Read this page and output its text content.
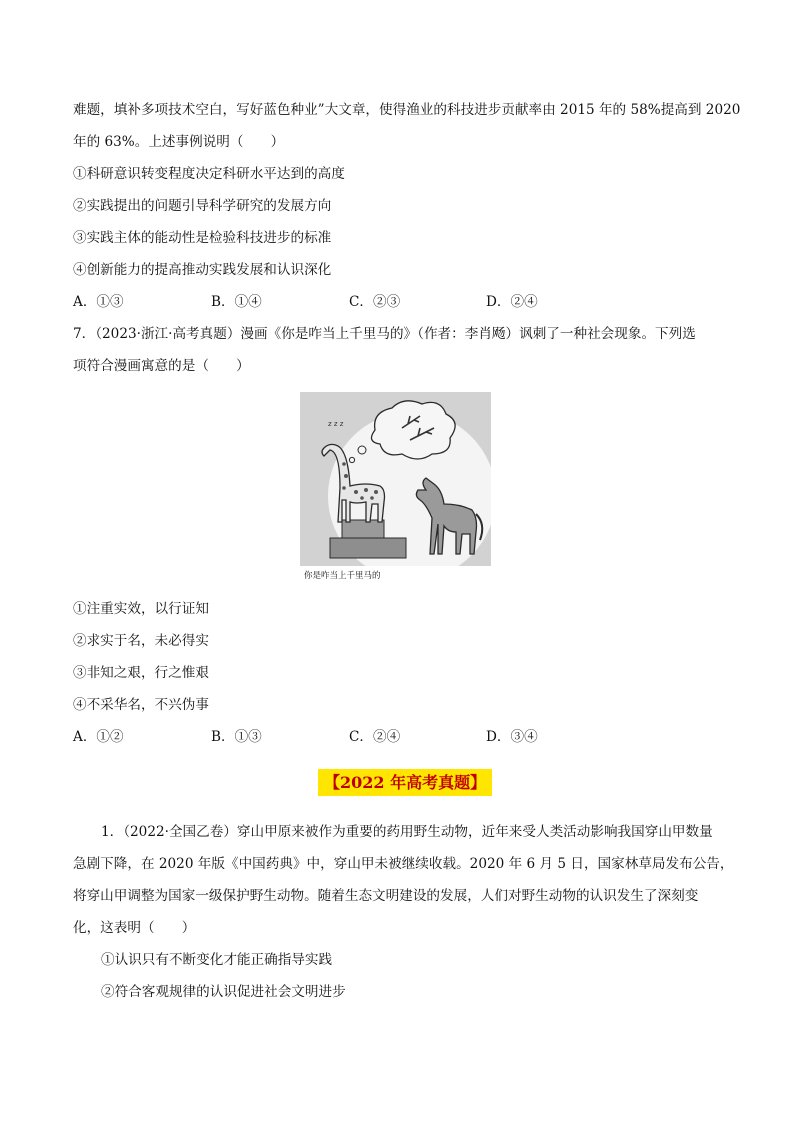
难题，填补多项技术空白，写好蓝色种业”大文章，使得渔业的科技进步贡献率由 2015 年的 58%提高到 2020
年的 63%。上述事例说明（　　）
①科研意识转变程度决定科研水平达到的高度
②实践提出的问题引导科学研究的发展方向
③实践主体的能动性是检验科技进步的标准
④创新能力的提高推动实践发展和认识深化
A．①③	B．①④	C．②③	D．②④
7．（2023·浙江·高考真题）漫画《你是咋当上千里马的》（作者：李肖飏）讽刺了一种社会现象。下列选
项符合漫画寓意的是（　　）
z z z
你是咋当上千里马的
①注重实效，以行证知
②求实于名，未必得实
③非知之艰，行之惟艰
④不采华名，不兴伪事
A．①②	B．①③	C．②④	D．③④
【2022 年高考真题】
1．（2022·全国乙卷）穿山甲原来被作为重要的药用野生动物，近年来受人类活动影响我国穿山甲数量
急剧下降，在 2020 年版《中国药典》中，穿山甲未被继续收载。2020 年 6 月 5 日，国家林草局发布公告，
将穿山甲调整为国家一级保护野生动物。随着生态文明建设的发展，人们对野生动物的认识发生了深刻变
化，这表明（　　）
①认识只有不断变化才能正确指导实践
②符合客观规律的认识促进社会文明进步
